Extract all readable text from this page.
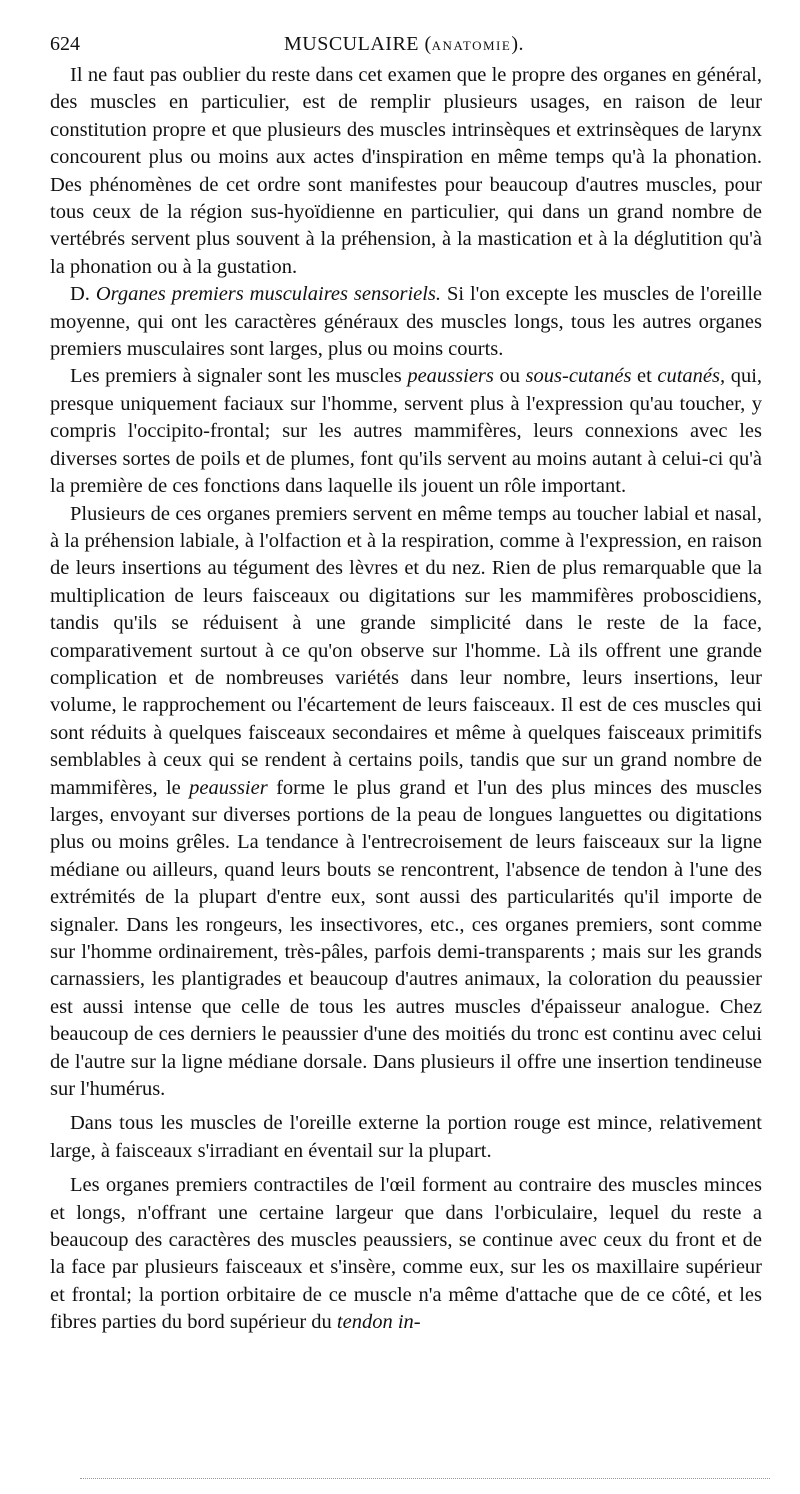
624	MUSCULAIRE (ANATOMIE).

Il ne faut pas oublier du reste dans cet examen que le propre des organes en général, des muscles en particulier, est de remplir plusieurs usages, en raison de leur constitution propre et que plusieurs des muscles intrinsèques et extrinsèques de larynx concourent plus ou moins aux actes d'inspiration en même temps qu'à la phonation. Des phénomènes de cet ordre sont manifestes pour beaucoup d'autres muscles, pour tous ceux de la région sus-hyoïdienne en particulier, qui dans un grand nombre de vertébrés servent plus souvent à la préhension, à la mastication et à la déglutition qu'à la phonation ou à la gustation.

D. Organes premiers musculaires sensoriels. Si l'on excepte les muscles de l'oreille moyenne, qui ont les caractères généraux des muscles longs, tous les autres organes premiers musculaires sont larges, plus ou moins courts.

Les premiers à signaler sont les muscles peaussiers ou sous-cutanés et cutanés, qui, presque uniquement faciaux sur l'homme, servent plus à l'expression qu'au toucher, y compris l'occipito-frontal; sur les autres mammifères, leurs connexions avec les diverses sortes de poils et de plumes, font qu'ils servent au moins autant à celui-ci qu'à la première de ces fonctions dans laquelle ils jouent un rôle important.

Plusieurs de ces organes premiers servent en même temps au toucher labial et nasal, à la préhension labiale, à l'olfaction et à la respiration, comme à l'expression, en raison de leurs insertions au tégument des lèvres et du nez. Rien de plus remarquable que la multiplication de leurs faisceaux ou digitations sur les mammifères proboscidiens, tandis qu'ils se réduisent à une grande simplicité dans le reste de la face, comparativement surtout à ce qu'on observe sur l'homme. Là ils offrent une grande complication et de nombreuses variétés dans leur nombre, leurs insertions, leur volume, le rapprochement ou l'écartement de leurs faisceaux. Il est de ces muscles qui sont réduits à quelques faisceaux secondaires et même à quelques faisceaux primitifs semblables à ceux qui se rendent à certains poils, tandis que sur un grand nombre de mammifères, le peaussier forme le plus grand et l'un des plus minces des muscles larges, envoyant sur diverses portions de la peau de longues languettes ou digitations plus ou moins grêles. La tendance à l'entrecroisement de leurs faisceaux sur la ligne médiane ou ailleurs, quand leurs bouts se rencontrent, l'absence de tendon à l'une des extrémités de la plupart d'entre eux, sont aussi des particularités qu'il importe de signaler. Dans les rongeurs, les insectivores, etc., ces organes premiers, sont comme sur l'homme ordinairement, très-pâles, parfois demi-transparents ; mais sur les grands carnassiers, les plantigrades et beaucoup d'autres animaux, la coloration du peaussier est aussi intense que celle de tous les autres muscles d'épaisseur analogue. Chez beaucoup de ces derniers le peaussier d'une des moitiés du tronc est continu avec celui de l'autre sur la ligne médiane dorsale. Dans plusieurs il offre une insertion tendineuse sur l'humérus.

Dans tous les muscles de l'oreille externe la portion rouge est mince, relativement large, à faisceaux s'irradiant en éventail sur la plupart.

Les organes premiers contractiles de l'œil forment au contraire des muscles minces et longs, n'offrant une certaine largeur que dans l'orbiculaire, lequel du reste a beaucoup des caractères des muscles peaussiers, se continue avec ceux du front et de la face par plusieurs faisceaux et s'insère, comme eux, sur les os maxillaire supérieur et frontal; la portion orbitaire de ce muscle n'a même d'attache que de ce côté, et les fibres parties du bord supérieur du tendon in-
